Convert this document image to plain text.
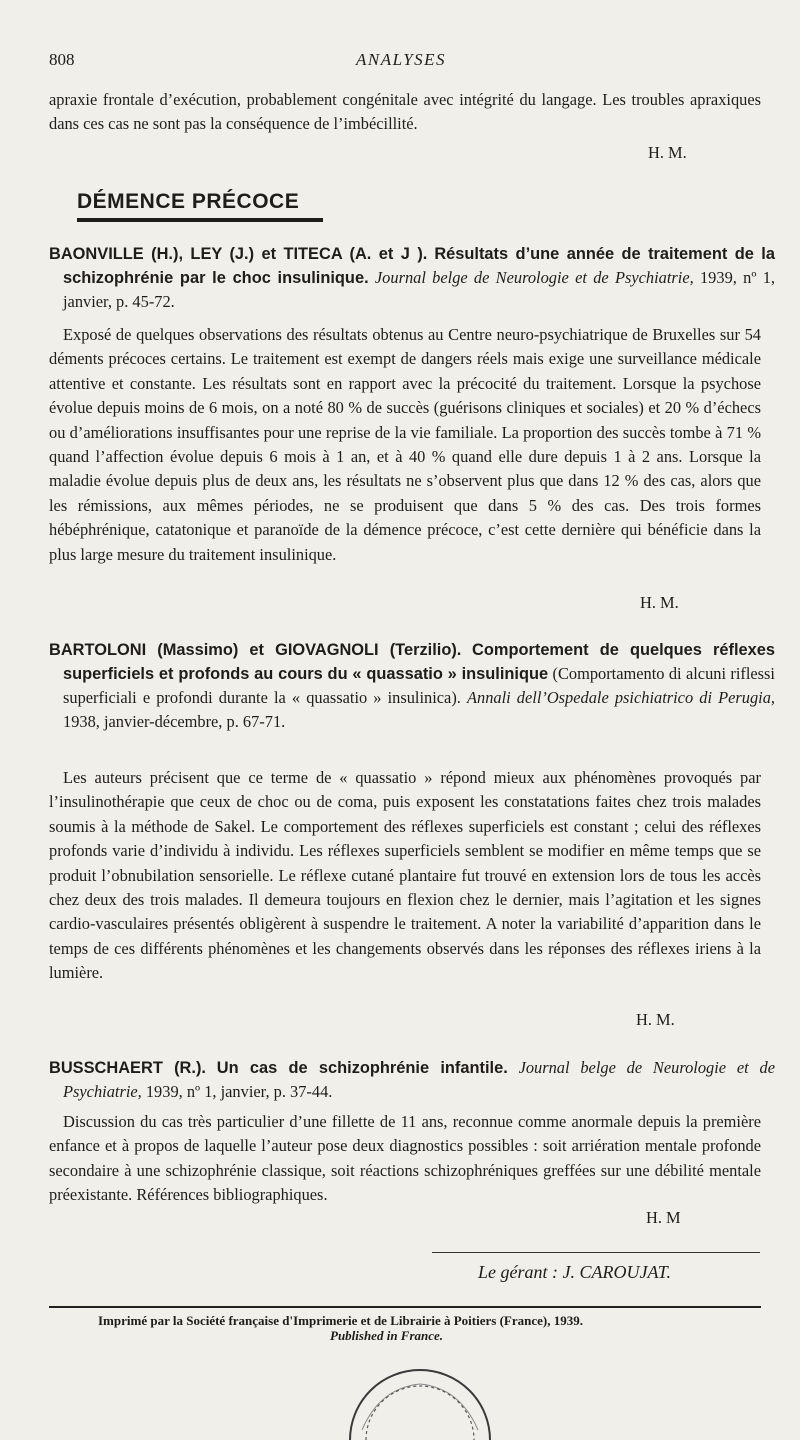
808	ANALYSES

apraxie frontale d’exécution, probablement congénitale avec intégrité du langage. Les troubles apraxiques dans ces cas ne sont pas la conséquence de l’imbécillité.

H. M.
DÉMENCE PRÉCOCE

BAONVILLE (H.), LEY (J.) et TITECA (A. et J ). Résultats d’une année de traitement de la schizophrénie par le choc insulinique. Journal belge de Neurologie et de Psychiatrie, 1939, nº 1, janvier, p. 45-72.

Exposé de quelques observations des résultats obtenus au Centre neuro-psychiatrique de Bruxelles sur 54 déments précoces certains. Le traitement est exempt de dangers réels mais exige une surveillance médicale attentive et constante. Les résultats sont en rapport avec la précocité du traitement. Lorsque la psychose évolue depuis moins de 6 mois, on a noté 80 % de succès (guérisons cliniques et sociales) et 20 % d’échecs ou d’améliorations insuffisantes pour une reprise de la vie familiale. La proportion des succès tombe à 71 % quand l’affection évolue depuis 6 mois à 1 an, et à 40 % quand elle dure depuis 1 à 2 ans. Lorsque la maladie évolue depuis plus de deux ans, les résultats ne s’observent plus que dans 12 % des cas, alors que les rémissions, aux mêmes périodes, ne se produisent que dans 5 % des cas. Des trois formes hébéphrénique, catatonique et paranoïde de la démence précoce, c’est cette dernière qui bénéficie dans la plus large mesure du traitement insulinique.

H. M.

BARTOLONI (Massimo) et GIOVAGNOLI (Terzilio). Comportement de quelques réflexes superficiels et profonds au cours du « quassatio » insulinique (Comportamento di alcuni riflessi superficiali e profondi durante la « quassatio » insulinica). Annali dell’Ospedale psichiatrico di Perugia, 1938, janvier-décembre, p. 67-71.

Les auteurs précisent que ce terme de « quassatio » répond mieux aux phénomènes provoqués par l’insulinothérapie que ceux de choc ou de coma, puis exposent les constatations faites chez trois malades soumis à la méthode de Sakel. Le comportement des réflexes superficiels est constant ; celui des réflexes profonds varie d’individu à individu. Les réflexes superficiels semblent se modifier en même temps que se produit l’obnubilation sensorielle. Le réflexe cutané plantaire fut trouvé en extension lors de tous les accès chez deux des trois malades. Il demeura toujours en flexion chez le dernier, mais l’agitation et les signes cardio-vasculaires présentés obligèrent à suspendre le traitement. A noter la variabilité d’apparition dans le temps de ces différents phénomènes et les changements observés dans les réponses des réflexes iriens à la lumière.

H. M.

BUSSCHAERT (R.). Un cas de schizophrénie infantile. Journal belge de Neurologie et de Psychiatrie, 1939, nº 1, janvier, p. 37-44.

Discussion du cas très particulier d’une fillette de 11 ans, reconnue comme anormale depuis la première enfance et à propos de laquelle l’auteur pose deux diagnostics possibles : soit arriération mentale profonde secondaire à une schizophrénie classique, soit réactions schizophréniques greffées sur une débilité mentale préexistante. Références bibliographiques.

H. M
Le gérant : J. CAROUJAT.
Imprimé par la Société française d'Imprimerie et de Librairie à Poitiers (France), 1939.
Published in France.
